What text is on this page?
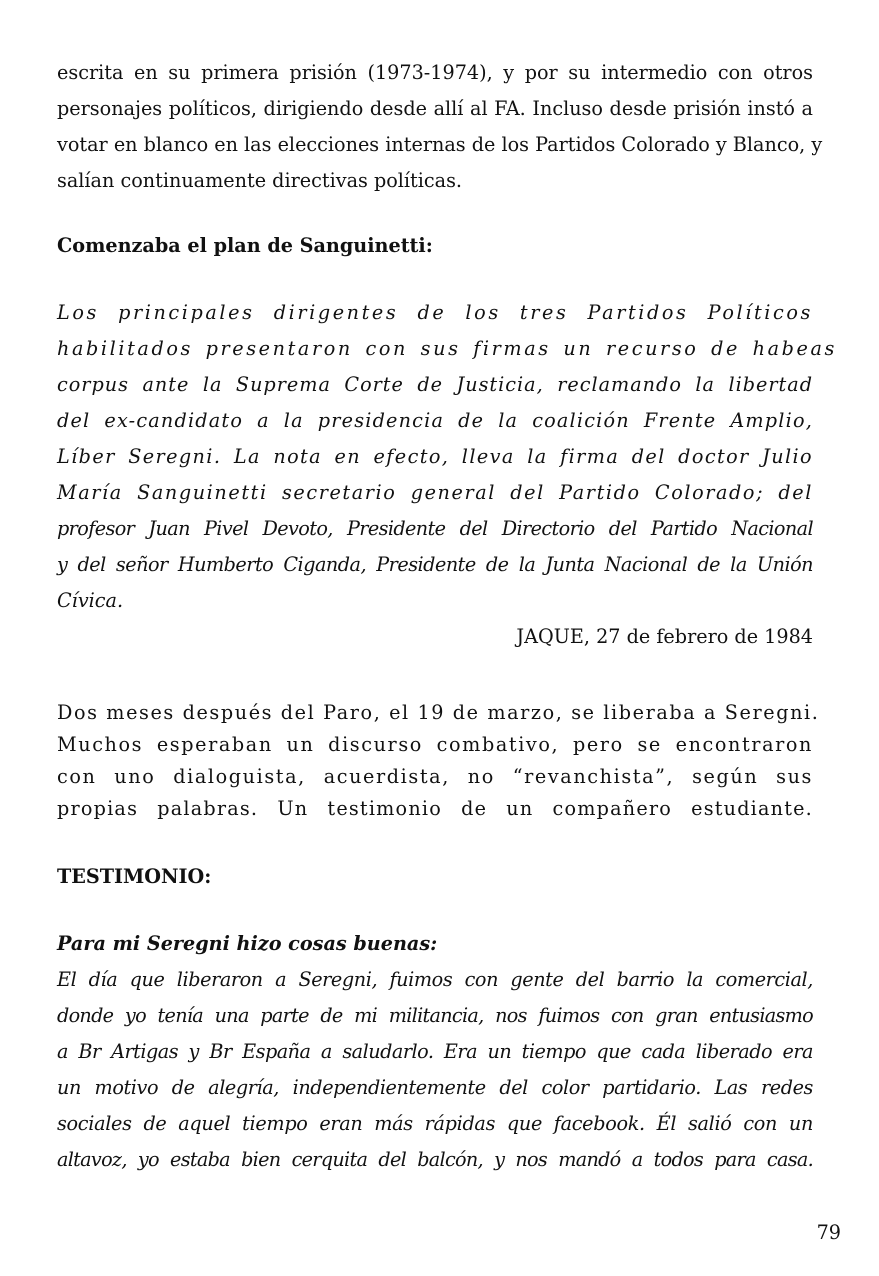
escrita en su primera prisión (1973-1974), y por su intermedio con otros
personajes políticos, dirigiendo desde allí al FA. Incluso desde prisión instó a
votar en blanco en las elecciones internas de los Partidos Colorado y Blanco, y
salían continuamente directivas políticas.
Comenzaba el plan de Sanguinetti:
Los principales dirigentes de los tres Partidos Políticos
habilitados presentaron con sus firmas un recurso de habeas
corpus ante la Suprema Corte de Justicia, reclamando la libertad
del ex-candidato a la presidencia de la coalición Frente Amplio,
Líber Seregni. La nota en efecto, lleva la firma del doctor Julio
María Sanguinetti secretario general del Partido Colorado; del
profesor Juan Pivel Devoto, Presidente del Directorio del Partido Nacional
y del señor Humberto Ciganda, Presidente de la Junta Nacional de la Unión
Cívica.
JAQUE, 27 de febrero de 1984
Dos meses después del Paro, el 19 de marzo, se liberaba a Seregni.
Muchos esperaban un discurso combativo, pero se encontraron
con uno dialoguista, acuerdista, no “revanchista”, según sus
propias palabras. Un testimonio de un compañero estudiante.
TESTIMONIO:
Para mi Seregni hizo cosas buenas:
El día que liberaron a Seregni, fuimos con gente del barrio la comercial,
donde yo tenía una parte de mi militancia, nos fuimos con gran entusiasmo
a Br Artigas y Br España a saludarlo. Era un tiempo que cada liberado era
un motivo de alegría, independientemente del color partidario. Las redes
sociales de aquel tiempo eran más rápidas que facebook. Él salió con un
altavoz, yo estaba bien cerquita del balcón, y nos mandó a todos para casa.
79
